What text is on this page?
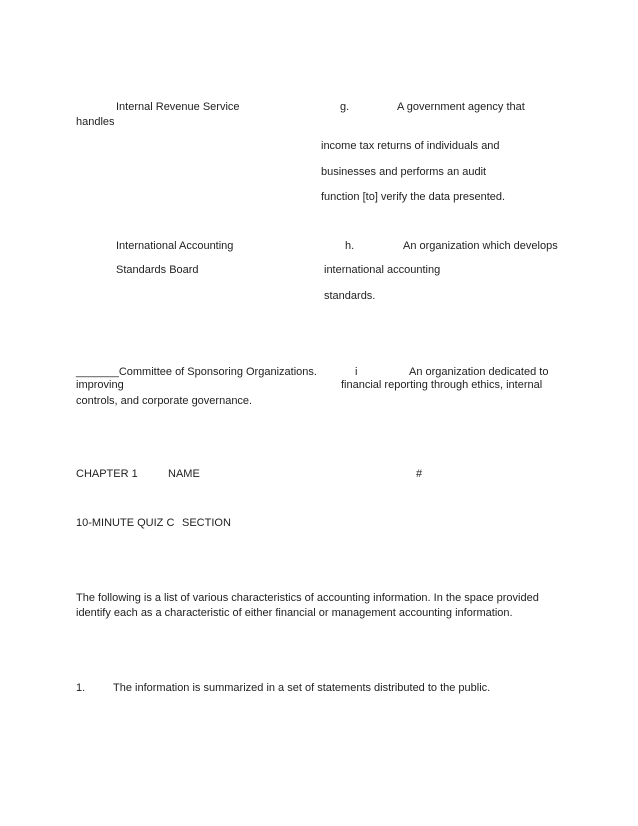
Internal Revenue Service	g.	A government agency that
handles
income tax returns of individuals and
businesses and performs an audit
function [to] verify the data presented.
International Accounting	h.	An organization which develops
Standards Board	international accounting
standards.
_______Committee of Sponsoring Organizations.	i	An organization dedicated to
improving	financial reporting through ethics, internal
controls, and corporate governance.
CHAPTER 1	NAME	#
10-MINUTE QUIZ C SECTION
The following is a list of various characteristics of accounting information. In the space provided
identify each as a characteristic of either financial or management accounting information.
1.	The information is summarized in a set of statements distributed to the public.
